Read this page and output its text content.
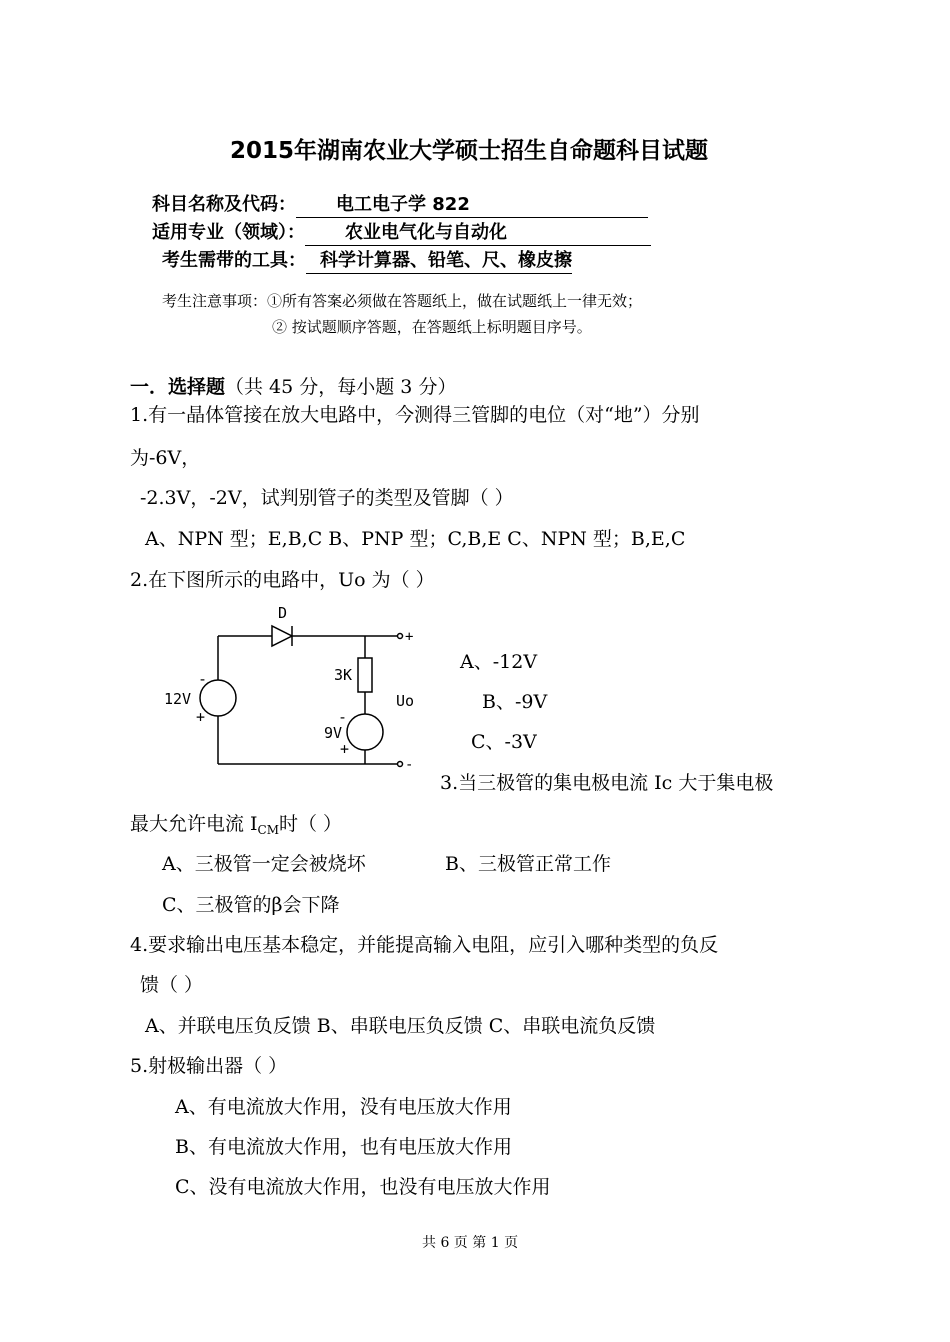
2015年湖南农业大学硕士招生自命题科目试题
科目名称及代码： 电工电子学 822
适用专业（领域）： 农业电气化与自动化
考生需带的工具： 科学计算器、铅笔、尺、橡皮擦
考生注意事项：①所有答案必须做在答题纸上，做在试题纸上一律无效；
② 按试题顺序答题，在答题纸上标明题目序号。
一．选择题（共 45 分，每小题 3 分）
1.有一晶体管接在放大电路中，今测得三管脚的电位（对“地”）分别
为-6V，
-2.3V，-2V，试判别管子的类型及管脚（ ）
A、NPN 型；E,B,C B、PNP 型；C,B,E C、NPN 型；B,E,C
2.在下图所示的电路中，Uo 为（ ）
D
3K
12V
9V
Uo
-
+	-
+
+
-
A、-12V
B、-9V
C、-3V
3.当三极管的集电极电流 Ic 大于集电极
最大允许电流 $I_{CM}$时（ ）
A、三极管一定会被烧坏	B、三极管正常工作
C、三极管的β会下降
4.要求输出电压基本稳定，并能提高输入电阻，应引入哪种类型的负反
馈（ ）
A、并联电压负反馈 B、串联电压负反馈 C、串联电流负反馈
5.射极输出器（ ）
A、有电流放大作用，没有电压放大作用
B、有电流放大作用，也有电压放大作用
C、没有电流放大作用，也没有电压放大作用
共 6 页 第 1 页
